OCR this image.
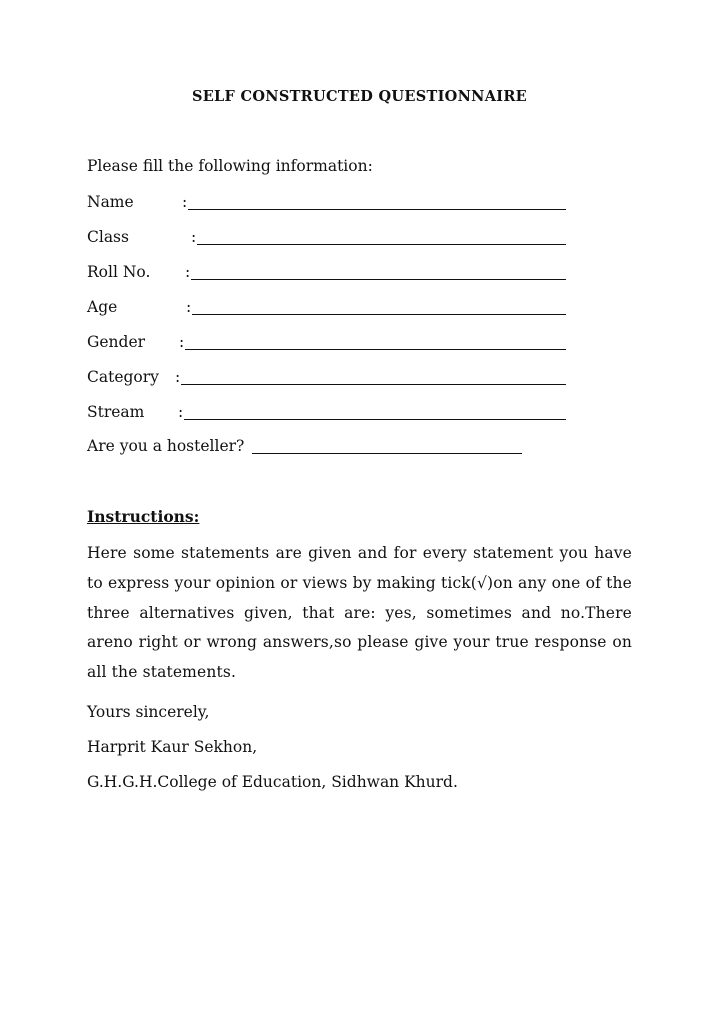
SELF CONSTRUCTED QUESTIONNAIRE
Please fill the following information:
Name	:
Class	:
Roll No. :
Age	:
Gender :
Category :
Stream :
Are you a hosteller?
Instructions:
Here some statements are given and for every statement you have to express your opinion or views by making tick(√)on any one of the three alternatives given, that are: yes, sometimes and no.There areno right or wrong answers,so please give your true response on all the statements.
Yours sincerely,
Harprit Kaur Sekhon,
G.H.G.H.College of Education, Sidhwan Khurd.
